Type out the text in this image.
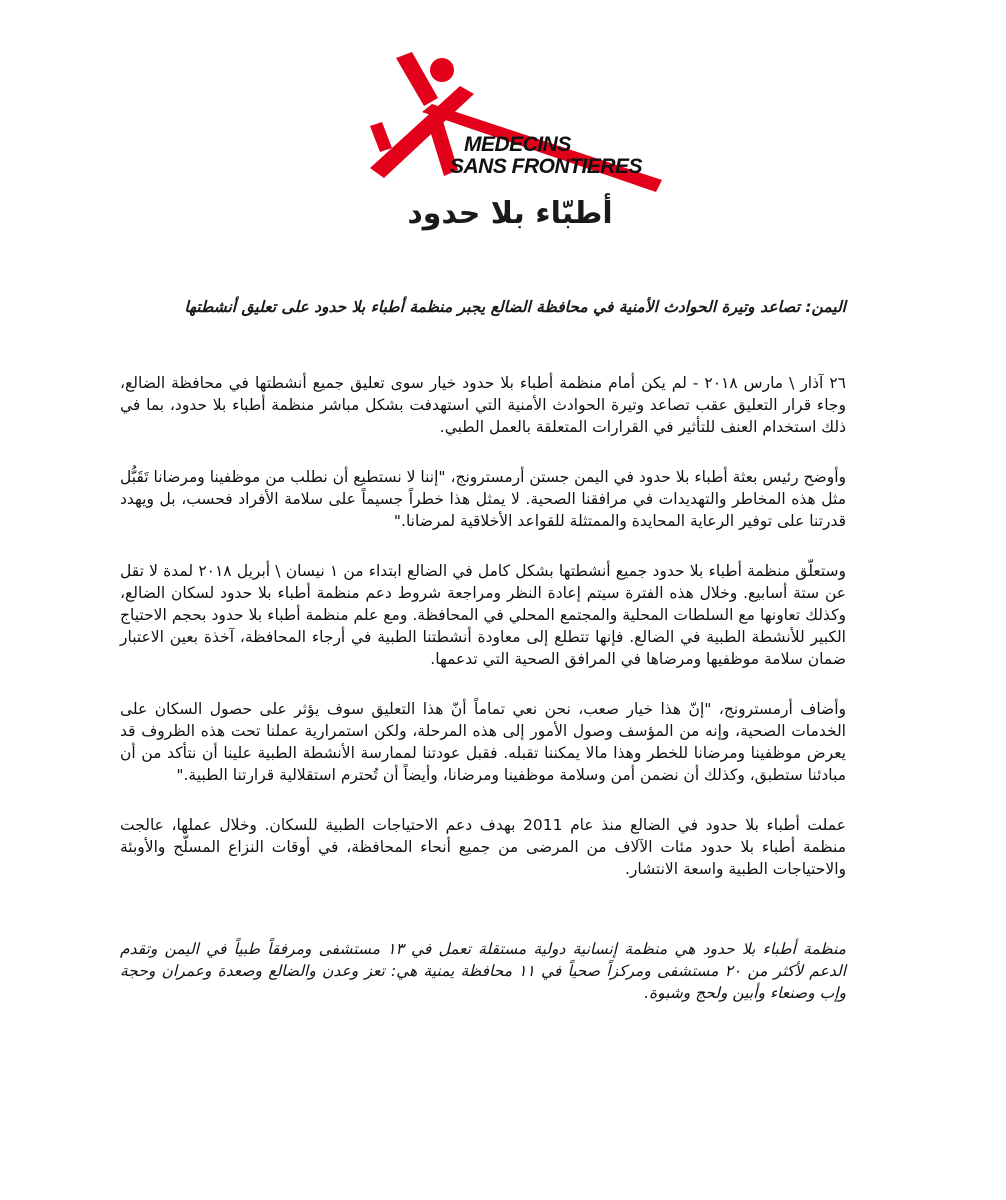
MEDECINS
SANS FRONTIERES
أطبّاء بلا حدود
اليمن: تصاعد وتيرة الحوادث الأمنية في محافظة الضالع يجبر منظمة أطباء بلا حدود على تعليق أنشطتها

٢٦ آذار \ مارس ٢٠١٨ - لم يكن أمام منظمة أطباء بلا حدود خيار سوى تعليق جميع أنشطتها في محافظة الضالع، وجاء قرار التعليق عقب تصاعد وتيرة الحوادث الأمنية التي استهدفت بشكل مباشر منظمة أطباء بلا حدود، بما في ذلك استخدام العنف للتأثير في القرارات المتعلقة بالعمل الطبي.

وأوضح رئيس بعثة أطباء بلا حدود في اليمن جستن أرمسترونج، "إننا لا نستطيع أن نطلب من موظفينا ومرضانا تَقَبُّل مثل هذه المخاطر والتهديدات في مرافقنا الصحية. لا يمثل هذا خطراً جسيماً على سلامة الأفراد فحسب، بل ويهدد قدرتنا على توفير الرعاية المحايدة والممتثلة للقواعد الأخلاقية لمرضانا."

وستعلّق منظمة أطباء بلا حدود جميع أنشطتها بشكل كامل في الضالع ابتداء من ١ نيسان \ أبريل ٢٠١٨ لمدة لا تقل عن ستة أسابيع. وخلال هذه الفترة سيتم إعادة النظر ومراجعة شروط دعم منظمة أطباء بلا حدود لسكان الضالع، وكذلك تعاونها مع السلطات المحلية والمجتمع المحلي في المحافظة. ومع علم منظمة أطباء بلا حدود بحجم الاحتياج الكبير للأنشطة الطبية في الضالع. فإنها تتطلع إلى معاودة أنشطتنا الطبية في أرجاء المحافظة، آخذة بعين الاعتبار ضمان سلامة موظفيها ومرضاها في المرافق الصحية التي تدعمها.

وأضاف أرمسترونج، "إنّ هذا خيار صعب، نحن نعي تماماً أنّ هذا التعليق سوف يؤثر على حصول السكان على الخدمات الصحية، وإنه من المؤسف وصول الأمور إلى هذه المرحلة، ولكن استمرارية عملنا تحت هذه الظروف قد يعرض موظفينا ومرضانا للخطر وهذا مالا يمكننا تقبله. فقبل عودتنا لممارسة الأنشطة الطبية علينا أن نتأكد من أن مبادئنا ستطبق، وكذلك أن نضمن أمن وسلامة موظفينا ومرضانا، وأيضاً أن تُحترم استقلالية قرارتنا الطبية."

عملت أطباء بلا حدود في الضالع منذ عام 2011 بهدف دعم الاحتياجات الطبية للسكان. وخلال عملها، عالجت منظمة أطباء بلا حدود مئات الآلاف من المرضى من جميع أنحاء المحافظة، في أوقات النزاع المسلّح والأوبئة والاحتياجات الطبية واسعة الانتشار.

منظمة أطباء بلا حدود هي منظمة إنسانية دولية مستقلة تعمل في ١٣ مستشفى ومرفقاً طبياً في اليمن وتقدم الدعم لأكثر من ٢٠ مستشفى ومركزاً صحياً في ١١ محافظة يمنية هي: تعز وعدن والضالع وصعدة وعمران وحجة وإب وصنعاء وأبين ولحج وشبوة.
